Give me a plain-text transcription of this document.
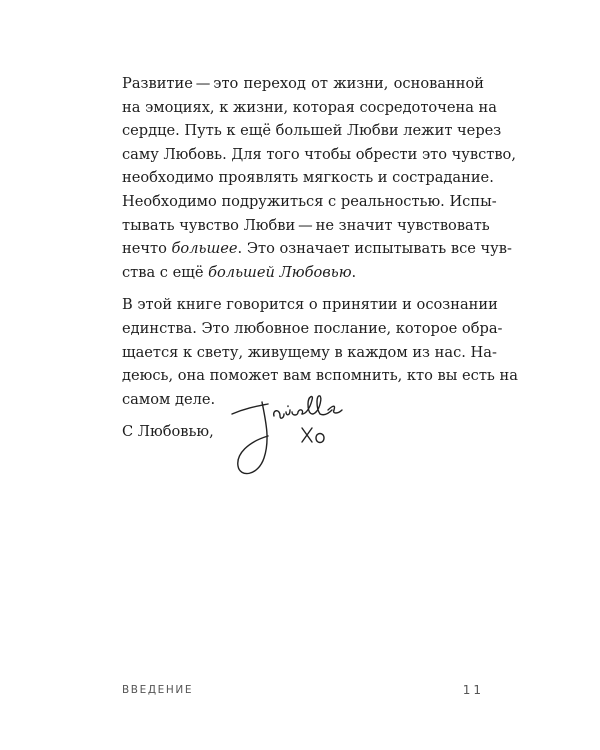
Развитие — это переход от жизни, основанной
на эмоциях, к жизни, которая сосредоточена на
сердце. Путь к ещё большей Любви лежит через
саму Любовь. Для того чтобы обрести это чувство,
необходимо проявлять мягкость и сострадание.
Необходимо подружиться с реальностью. Испы-
тывать чувство Любви — не значит чувствовать
нечто большее. Это означает испытывать все чув-
ства с ещё большей Любовью.

В этой книге говорится о принятии и осознании
единства. Это любовное послание, которое обра-
щается к свету, живущему в каждом из нас. На-
деюсь, она поможет вам вспомнить, кто вы есть на
самом деле.

С Любовью,

ВВЕДЕНИЕ	11
